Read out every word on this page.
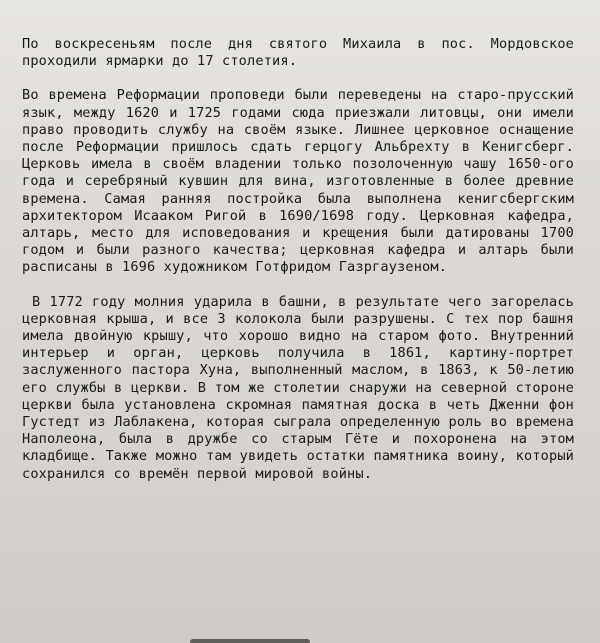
По воскресеньям после дня святого Михаила в пос. Мордовское проходили ярмарки до 17 столетия.

Во времена Реформации проповеди были переведены на старо-прусский язык, между 1620 и 1725 годами сюда приезжали литовцы, они имели право проводить службу на своём языке. Лишнее церковное оснащение после Реформации пришлось сдать герцогу Альбрехту в Кенигсберг. Церковь имела в своём владении только позолоченную чашу 1650-ого года и серебряный кувшин для вина, изготовленные в более древние времена. Самая ранняя постройка была выполнена кенигсбергским архитектором Исааком Ригой в 1690/1698 году. Церковная кафедра, алтарь, место для исповедования и крещения были датированы 1700 годом и были разного качества; церковная кафедра и алтарь были расписаны в 1696 художником Готфридом Газргаузеном.

В 1772 году молния ударила в башни, в результате чего загорелась церковная крыша, и все 3 колокола были разрушены. С тех пор башня имела двойную крышу, что хорошо видно на старом фото. Внутренний интерьер и орган, церковь получила в 1861, картину-портрет заслуженного пастора Хуна, выполненный маслом, в 1863, к 50-летию его службы в церкви. В том же столетии снаружи на северной стороне церкви была установлена скромная памятная доска в четь Дженни фон Густедт из Лаблакена, которая сыграла определенную роль во времена Наполеона, была в дружбе со старым Гёте и похоронена на этом кладбище. Также можно там увидеть остатки памятника воину, который сохранился со времён первой мировой войны.
